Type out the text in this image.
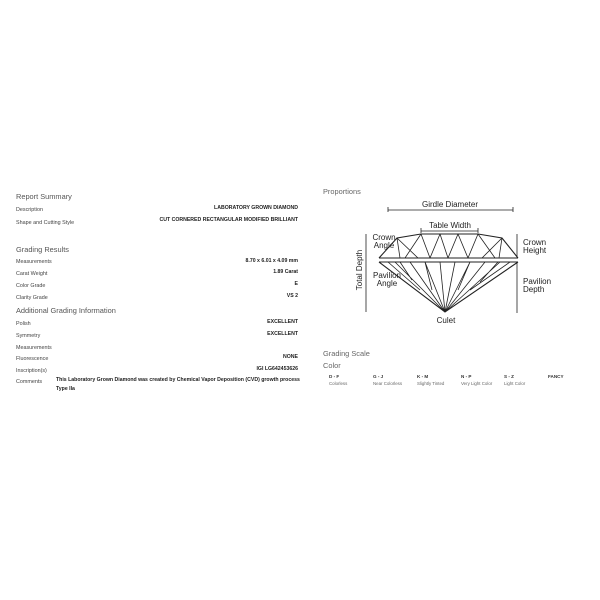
Report Summary
Description	LABORATORY GROWN DIAMOND
Shape and Cutting Style	CUT CORNERED RECTANGULAR MODIFIED BRILLIANT
Grading Results
Measurements	8.70 x 6.01 x 4.09 mm
Carat Weight	1.89 Carat
Color Grade	E
Clarity Grade	VS 2
Additional Grading Information
Polish	EXCELLENT
Symmetry	EXCELLENT
Measurements
Fluorescence	NONE
Inscription(s)	IGI LG642453626
Comments	This Laboratory Grown Diamond was created by Chemical Vapor Deposition (CVD) growth process Type IIa
Proportions
Girdle Diameter
Table Width
Crown
Angle
Pavilion
Angle
Total Depth
Culet
Crown
Height
Pavilion
Depth
Grading Scale
Color
D - F
Colorless
G - J
Near Colorless
K - M
Slightly Tinted
N - P
Very Light Color
S - Z
Light Color
FANCY
